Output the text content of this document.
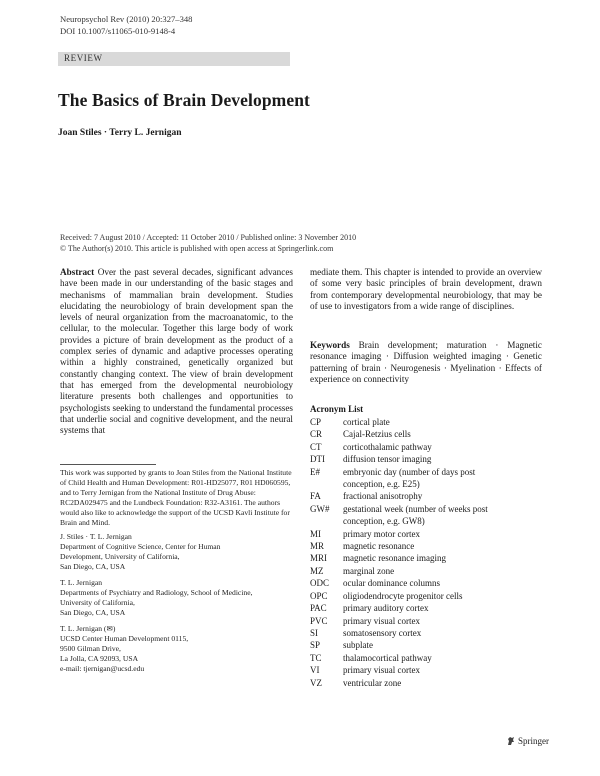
Neuropsychol Rev (2010) 20:327–348
DOI 10.1007/s11065-010-9148-4
REVIEW
The Basics of Brain Development
Joan Stiles · Terry L. Jernigan
Received: 7 August 2010 / Accepted: 11 October 2010 / Published online: 3 November 2010
© The Author(s) 2010. This article is published with open access at Springerlink.com
Abstract Over the past several decades, significant advances have been made in our understanding of the basic stages and mechanisms of mammalian brain development. Studies elucidating the neurobiology of brain development span the levels of neural organization from the macroanatomic, to the cellular, to the molecular. Together this large body of work provides a picture of brain development as the product of a complex series of dynamic and adaptive processes operating within a highly constrained, genetically organized but constantly changing context. The view of brain development that has emerged from the developmental neurobiology literature presents both challenges and opportunities to psychologists seeking to understand the fundamental processes that underlie social and cognitive development, and the neural systems that
mediate them. This chapter is intended to provide an overview of some very basic principles of brain development, drawn from contemporary developmental neurobiology, that may be of use to investigators from a wide range of disciplines.
Keywords Brain development; maturation · Magnetic resonance imaging · Diffusion weighted imaging · Genetic patterning of brain · Neurogenesis · Myelination · Effects of experience on connectivity
This work was supported by grants to Joan Stiles from the National Institute of Child Health and Human Development: R01-HD25077, R01 HD060595, and to Terry Jernigan from the National Institute of Drug Abuse: RC2DA029475 and the Lundbeck Foundation: R32-A3161. The authors would also like to acknowledge the support of the UCSD Kavli Institute for Brain and Mind.
J. Stiles · T. L. Jernigan
Department of Cognitive Science, Center for Human
Development, University of California,
San Diego, CA, USA
T. L. Jernigan
Departments of Psychiatry and Radiology, School of Medicine,
University of California,
San Diego, CA, USA
T. L. Jernigan (✉)
UCSD Center Human Development 0115,
9500 Gilman Drive,
La Jolla, CA 92093, USA
e-mail: tjernigan@ucsd.edu
Acronym List
CP	cortical plate
CR	Cajal-Retzius cells
CT	corticothalamic pathway
DTI	diffusion tensor imaging
E#	embryonic day (number of days post
conception, e.g. E25)
FA	fractional anisotrophy
GW#	gestational week (number of weeks post
conception, e.g. GW8)
MI	primary motor cortex
MR	magnetic resonance
MRI	magnetic resonance imaging
MZ	marginal zone
ODC	ocular dominance columns
OPC	oligiodendrocyte progenitor cells
PAC	primary auditory cortex
PVC	primary visual cortex
SI	somatosensory cortex
SP	subplate
TC	thalamocortical pathway
VI	primary visual cortex
VZ	ventricular zone
Springer
